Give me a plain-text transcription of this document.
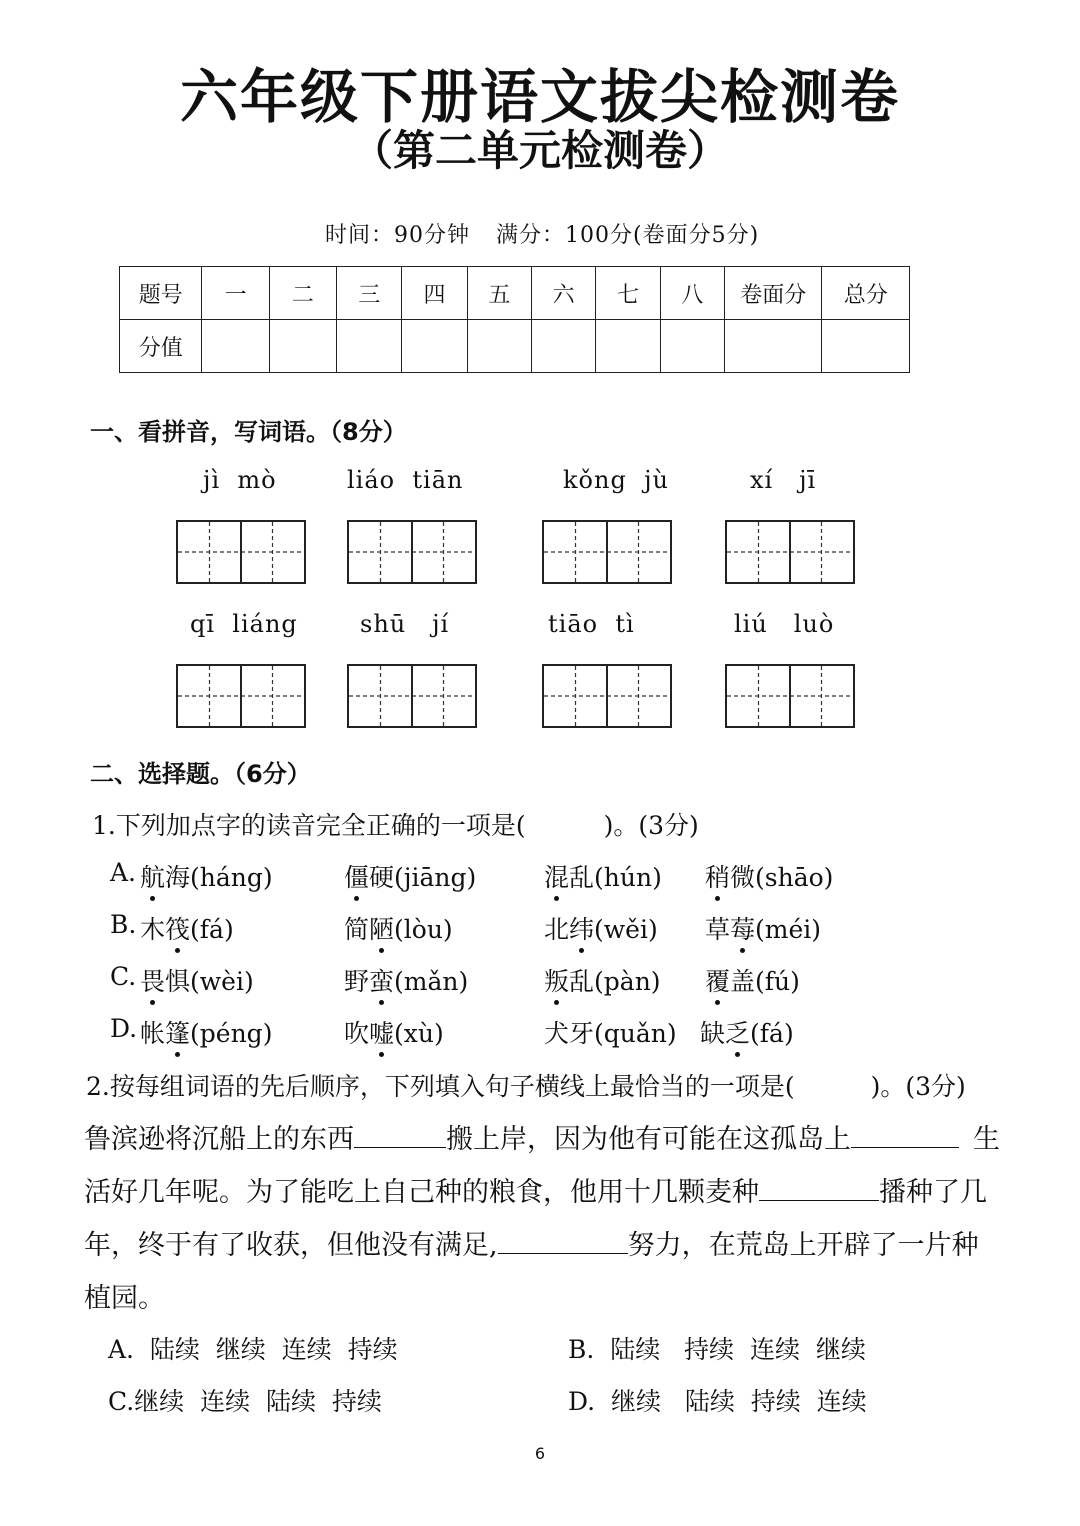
六年级下册语文拔尖检测卷
（第二单元检测卷）
时间：90分钟 满分：100分(卷面分5分)
题号	一	二	三	四	五	六	七	八	卷面分	总分
分值										
一、看拼音，写词语。（8分）
jì  mò	liáo  tiān	kǒng  jù	xí   jī
qī  liáng	shū   jí	tiāo  tì	liú   luò
二、选择题。（6分）
1.下列加点字的读音完全正确的一项是(	)。(3分)
A. 航海(háng)	僵硬(jiāng)	混乱(hún) 稍微(shāo)
B. 木筏(fá)	简陋(lòu)	北纬(wěi) 草莓(méi)
C. 畏惧(wèi)	野蛮(mǎn)	叛乱(pàn) 覆盖(fú)
D. 帐篷(péng)	吹嘘(xù)	犬牙(quǎn) 缺乏(fá)
2.按每组词语的先后顺序，下列填入句子横线上最恰当的一项是(	)。(3分)
鲁滨逊将沉船上的东西	搬上岸，因为他有可能在这孤岛上	生
活好几年呢。为了能吃上自己种的粮食，他用十几颗麦种	播种了几
年，终于有了收获，但他没有满足,	努力，在荒岛上开辟了一片种
植园。
A.  陆续  继续  连续  持续	B.  陆续   持续  连续  继续
C.继续  连续  陆续  持续	D.  继续   陆续  持续  连续
6
